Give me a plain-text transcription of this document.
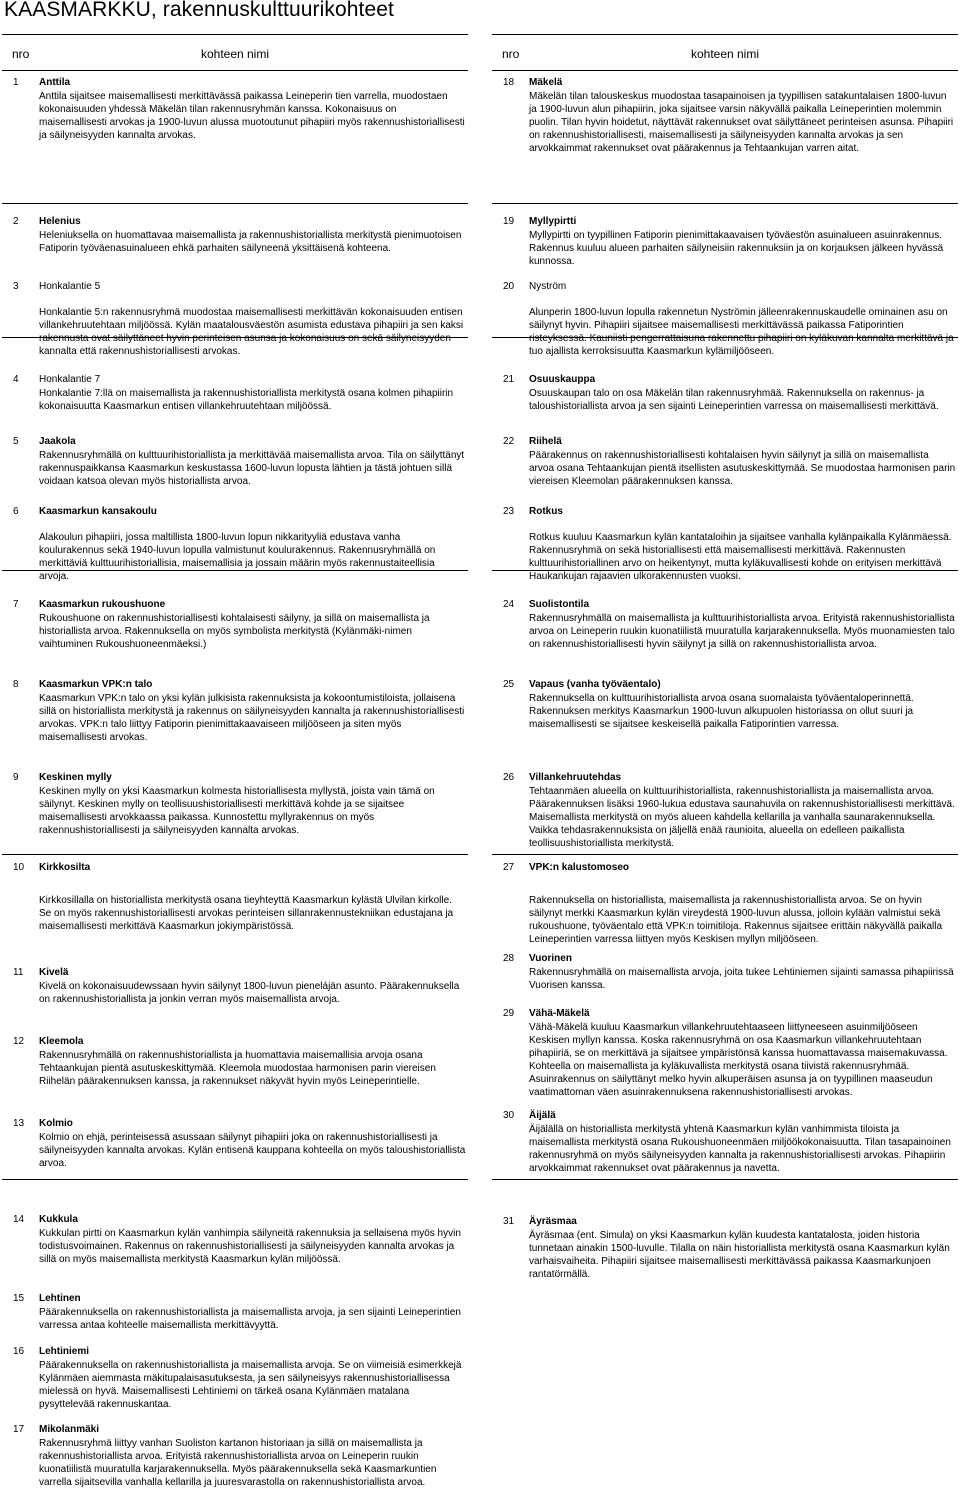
KAASMARKKU, rakennuskulttuurikohteet
nro	kohteen nimi
1 Anttila
Anttila sijaitsee maisemallisesti merkittävässä paikassa Leineperin tien varrella, muodostaen kokonaisuuden yhdessä Mäkelän tilan rakennusryhmän kanssa. Kokonaisuus on maisemallisesti arvokas ja 1900-luvun alussa muotoutunut pihapiiri myös rakennushistoriallisesti ja säilyneisyyden kannalta arvokas.
2 Helenius
Heleniuksella on huomattavaa maisemallista ja rakennushistoriallista merkitystä pienimuotoisen Fatiporin työväenasuinalueen ehkä parhaiten säilyneenä yksittäisenä kohteena.
3 Honkalantie 5
Honkalantie 5:n rakennusryhmä muodostaa maisemallisesti merkittävän kokonaisuuden entisen villankehruutehtaan miljöössä. Kylän maatalousväestön asumista edustava pihapiiri ja sen kaksi rakennusta ovat säilyttäneet hyvin perinteisen asunsa ja kokonaisuus on sekä säilyneisyyden kannalta että rakennushistoriallisesti arvokas.
4 Honkalantie 7
Honkalantie 7:llä on maisemallista ja rakennushistoriallista merkitystä osana kolmen pihapiirin kokonaisuutta Kaasmarkun entisen villankehruutehtaan miljöössä.
5 Jaakola
Rakennusryhmällä on kulttuurihistoriallista ja merkittävää maisemallista arvoa. Tila on säilyttänyt rakennuspaikkansa Kaasmarkun keskustassa 1600-luvun lopusta lähtien ja tästä johtuen sillä voidaan katsoa olevan myös historiallista arvoa.
6 Kaasmarkun kansakoulu
Alakoulun pihapiiri, jossa maltillista 1800-luvun lopun nikkarityyliä edustava vanha koulurakennus sekä 1940-luvun lopulla valmistunut koulurakennus. Rakennusryhmällä on merkittäviä kulttuurihistoriallisia, maisemallisia ja jossain määrin myös rakennustaiteellisia arvoja.
7 Kaasmarkun rukoushuone
Rukoushuone on rakennushistoriallisesti kohtalaisesti säilyny, ja sillä on maisemallista ja historiallista arvoa. Rakennuksella on myös symbolista merkitystä (Kylänmäki-nimen vaihtuminen Rukoushuoneenmäeksi.)
8 Kaasmarkun VPK:n talo
Kaasmarkun VPK:n talo on yksi kylän julkisista rakennuksista ja kokoontumistiloista, jollaisena sillä on historiallista merkitystä ja rakennus on säilyneisyyden kannalta ja rakennushistoriallisesti arvokas. VPK:n talo liittyy Fatiporin pienimittakaavaiseen miljööseen ja siten myös maisemallisesti arvokas.
9 Keskinen mylly
Keskinen mylly on yksi Kaasmarkun kolmesta historiallisesta myllystä, joista vain tämä on säilynyt. Keskinen mylly on teollisuushistoriallisesti merkittävä kohde ja se sijaitsee maisemallisesti arvokkaassa paikassa. Kunnostettu myllyrakennus on myös rakennushistoriallisesti ja säilyneisyyden kannalta arvokas.
10 Kirkkosilta
Kirkkosillalla on historiallista merkitystä osana tieyhteyttä Kaasmarkun kylästä Ulvilan kirkolle. Se on myös rakennushistoriallisesti arvokas perinteisen sillanrakennustekniikan edustajana ja maisemallisesti merkittävä Kaasmarkun jokiympäristössä.
11 Kivelä
Kivelä on kokonaisuudewssaan hyvin säilynyt 1800-luvun pienelájän asunto. Päärakennuksella on rakennushistoriallista ja jonkin verran myös maisemallista arvoja.
12 Kleemola
Rakennusryhmällä on rakennushistoriallista ja huomattavia maisemallisia arvoja osana Tehtaankujan pientä asutuskeskittymää. Kleemola muodostaa harmonisen parin viereisen Riihelän päärakennuksen kanssa, ja rakennukset näkyvät hyvin myös Leineperintielle.
13 Kolmio
Kolmio on ehjä, perinteisessä asussaan säilynyt pihapiiri joka on rakennushistoriallisesti ja säilyneisyyden kannalta arvokas. Kylän entisenä kauppana kohteella on myös taloushistoriallista arvoa.
14 Kukkula
Kukkulan pirtti on Kaasmarkun kylän vanhimpia säilyneitä rakennuksia ja sellaisena myös hyvin todistusvoimainen. Rakennus on rakennushistoriallisesti ja säilyneisyyden kannalta arvokas ja sillä on myös maisemallista merkitystä Kaasmarkun kylän miljöössä.
15 Lehtinen
Päärakennuksella on rakennushistoriallista ja maisemallista arvoja, ja sen sijainti Leineperintien varressa antaa kohteelle maisemallista merkittävyyttä.
16 Lehtiniemi
Päärakennuksella on rakennushistoriallista ja maisemallista arvoja. Se on viimeisiä esimerkkejä Kylänmäen aiemmasta mäkitupalaisasutuksesta, ja sen säilyneisyys rakennushistoriallisessa mielessä on hyvä. Maisemallisesti Lehtiniemi on tärkeä osana Kylänmäen matalana pysyttelevää rakennuskantaa.
17 Mikolanmäki
Rakennusryhmä liittyy vanhan Suoliston kartanon historiaan ja sillä on maisemallista ja rakennushistoriallista arvoa. Erityistä rakennushistoriallista arvoa on Leineperin ruukin kuonatiilistä muuratulla karjarakennuksella. Myös päärakennuksella sekä Kaasmarkuntien varrella sijaitsevilla vanhalla kellarilla ja juuresvarastolla on rakennushistoriallista arvoa.
nro	kohteen nimi
18 Mäkelä
Mäkelän tilan talouskeskus muodostaa tasapainoisen ja tyypillisen satakuntalaisen 1800-luvun ja 1900-luvun alun pihapiirin, joka sijaitsee varsin näkyvällä paikalla Leineperintien molemmin puolin. Tilan hyvin hoidetut, näyttävät rakennukset ovat säilyttäneet perinteisen asunsa. Pihapiiri on rakennushistoriallisesti, maisemallisesti ja säilyneisyyden kannalta arvokas ja sen arvokkaimmat rakennukset ovat päärakennus ja Tehtaankujan varren aitat.
19 Myllypirtti
Myllypirtti on tyypillinen Fatiporin pienimittakaavaisen työväestön asuinalueen asuinrakennus. Rakennus kuuluu alueen parhaiten säilyneisiin rakennuksiin ja on korjauksen jälkeen hyvässä kunnossa.
20 Nyström
Alunperin 1800-luvun lopulla rakennetun Nyströmin jälleenrakennuskaudelle ominainen asu on säilynyt hyvin. Pihapiiri sijaitsee maisemallisesti merkittävässä paikassa Fatiporintien risteyksessä. Kauniisti pengerrattaisuna rakennettu pihapiiri on kyläkuvan kannalta merkittävä ja tuo ajallista kerroksisuutta Kaasmarkun kylämiljööseen.
21 Osuuskauppa
Osuuskaupan talo on osa Mäkelän tilan rakennusryhmää. Rakennuksella on rakennus- ja taloushistoriallista arvoa ja sen sijainti Leineperintien varressa on maisemallisesti merkittävä.
22 Riihelä
Päärakennus on rakennushistoriallisesti kohtalaisen hyvin säilynyt ja sillä on maisemallista arvoa osana Tehtaankujan pientä itsellisten asutuskeskittymää. Se muodostaa harmonisen parin viereisen Kleemolan päärakennuksen kanssa.
23 Rotkus
Rotkus kuuluu Kaasmarkun kylän kantataloihin ja sijaitsee vanhalla kylänpaikalla Kylänmäessä. Rakennusryhmä on sekä historiallisesti että maisemallisesti merkittävä. Rakennusten kulttuurihistoriallinen arvo on heikentynyt, mutta kyläkuvallisesti kohde on erityisen merkittävä Haukankujan rajaavien ulkorakennusten vuoksi.
24 Suolistontila
Rakennusryhmällä on maisemallista ja kulttuurihistoriallista arvoa. Erityistä rakennushistoriallista arvoa on Leineperin ruukin kuonatiilistä muuratulla karjarakennuksella. Myös muonamiesten talo on rakennushistoriallisesti hyvin säilynyt ja sillä on rakennushistoriallista arvoa.
25 Vapaus (vanha työväentalo)
Rakennuksella on kulttuurihistoriallista arvoa osana suomalaista työväentaloperinnettä. Rakennuksen merkitys Kaasmarkun 1900-luvun alkupuolen historiassa on ollut suuri ja maisemallisesti se sijaitsee keskeisellä paikalla Fatiporintien varressa.
26 Villankehruutehdas
Tehtaanmäen alueella on kulttuurihistoriallista, rakennushistoriallista ja maisemallista arvoa. Päärakennuksen lisäksi 1960-lukua edustava saunahuvila on rakennushistoriallisesti merkittävä. Maisemallista merkitystä on myös alueen kahdella kellarilla ja vanhalla saunarakennuksella. Vaikka tehdasrakennuksista on jäljellä enää raunioita, alueella on edelleen paikallista teollisuushistoriallista merkitystä.
27 VPK:n kalustomoseo
Rakennuksella on historiallista, maisemallista ja rakennushistoriallista arvoa. Se on hyvin säilynyt merkki Kaasmarkun kylän vireydestä 1900-luvun alussa, jolloin kylään valmistui sekä rukoushuone, työväentalo että VPK:n toimitiloja. Rakennus sijaitsee erittäin näkyvällä paikalla Leineperintien varressa liittyen myös Keskisen myllyn miljööseen.
28 Vuorinen
Rakennusryhmällä on maisemallista arvoja, joita tukee Lehtiniemen sijainti samassa pihapiirissä Vuorisen kanssa.
29 Vähä-Mäkelä
Vähä-Mäkelä kuuluu Kaasmarkun villankehruutehtaaseen liittyneeseen asuinmiljööseen Keskisen myllyn kanssa. Koska rakennusryhmä on osa Kaasmarkun villankehruutehtaan pihapiiriä, se on merkittävä ja sijaitsee ympäristönsä kanssa huomattavassa maisemakuvassa. Kohteella on maisemallista ja kyläkuvallista merkitystä osana tiivistä rakennusryhmää. Asuinrakennus on säilyttänyt melko hyvin alkuperäisen asunsa ja on tyypillinen maaseudun vaatimattoman väen asuinrakennuksena rakennushistoriallisesti arvokas.
30 Äijälä
Äijälällä on historiallista merkitystä yhtenä Kaasmarkun kylän vanhimmista tiloista ja maisemallista merkitystä osana Rukoushuoneenmäen miljöökokonaisuutta. Tilan tasapainoinen rakennusryhmä on myös säilyneisyyden kannalta ja rakennushistoriallisesti arvokas. Pihapiirin arvokkaimmat rakennukset ovat päärakennus ja navetta.
31 Äyräsmaa
Äyräsmaa (ent. Simula) on yksi Kaasmarkun kylän kuudesta kantatalosta, joiden historia tunnetaan ainakin 1500-luvulle. Tilalla on näin historiallista merkitystä osana Kaasmarkun kylän varhaisvaiheita. Pihapiiri sijaitsee maisemallisesti merkittävässä paikassa Kaasmarkunjoen rantatörmällä.
